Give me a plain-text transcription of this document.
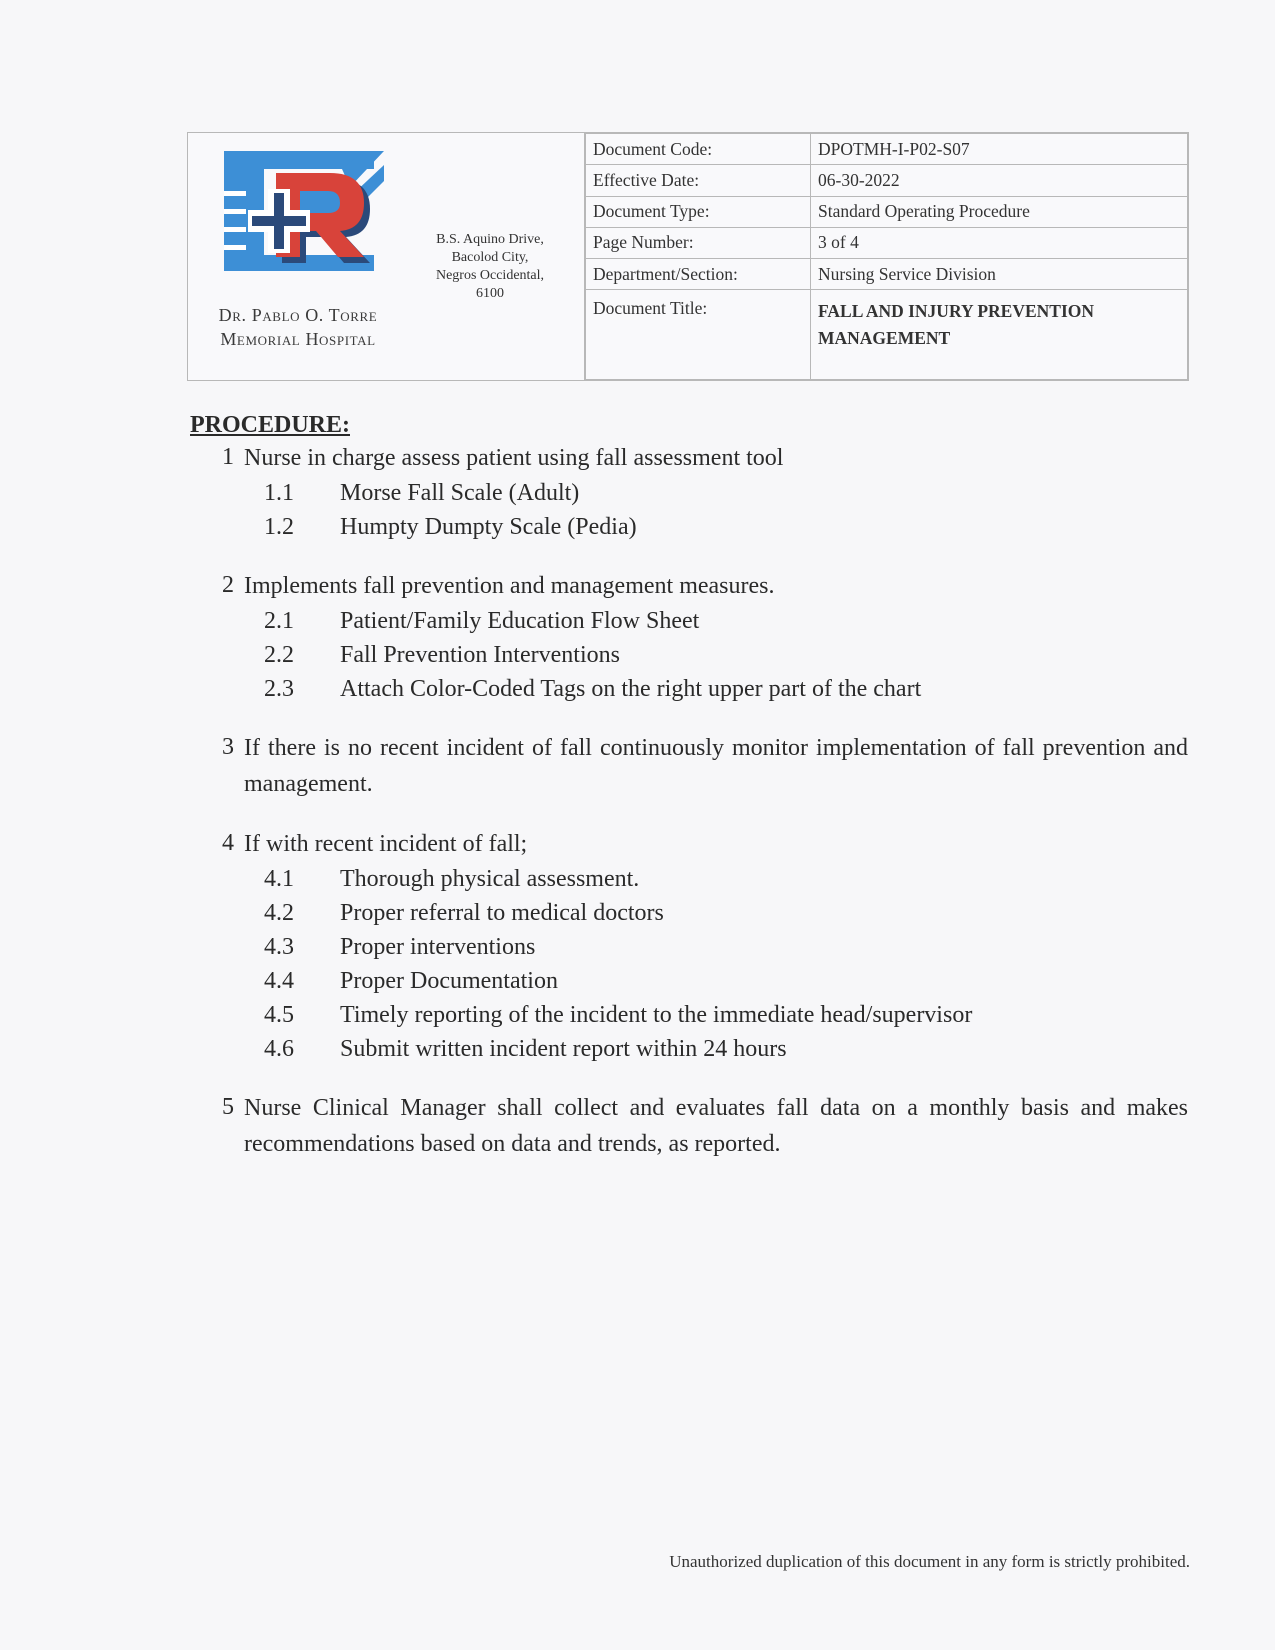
Dr. Pablo O. Torre
Memorial Hospital
B.S. Aquino Drive,
Bacolod City,
Negros Occidental,
6100
Document Code:	DPOTMH-I-P02-S07
Effective Date:	06-30-2022
Document Type:	Standard Operating Procedure
Page Number:	3 of 4
Department/Section:	Nursing Service Division
Document Title:	FALL AND INJURY PREVENTION MANAGEMENT
PROCEDURE:
1 Nurse in charge assess patient using fall assessment tool
1.1	Morse Fall Scale (Adult)
1.2	Humpty Dumpty Scale (Pedia)
2 Implements fall prevention and management measures.
2.1	Patient/Family Education Flow Sheet
2.2	Fall Prevention Interventions
2.3	Attach Color-Coded Tags on the right upper part of the chart
3 If there is no recent incident of fall continuously monitor implementation of fall prevention and management.
4 If with recent incident of fall;
4.1	Thorough physical assessment.
4.2	Proper referral to medical doctors
4.3	Proper interventions
4.4	Proper Documentation
4.5	Timely reporting of the incident to the immediate head/supervisor
4.6	Submit written incident report within 24 hours
5 Nurse Clinical Manager shall collect and evaluates fall data on a monthly basis and makes recommendations based on data and trends, as reported.
Unauthorized duplication of this document in any form is strictly prohibited.
